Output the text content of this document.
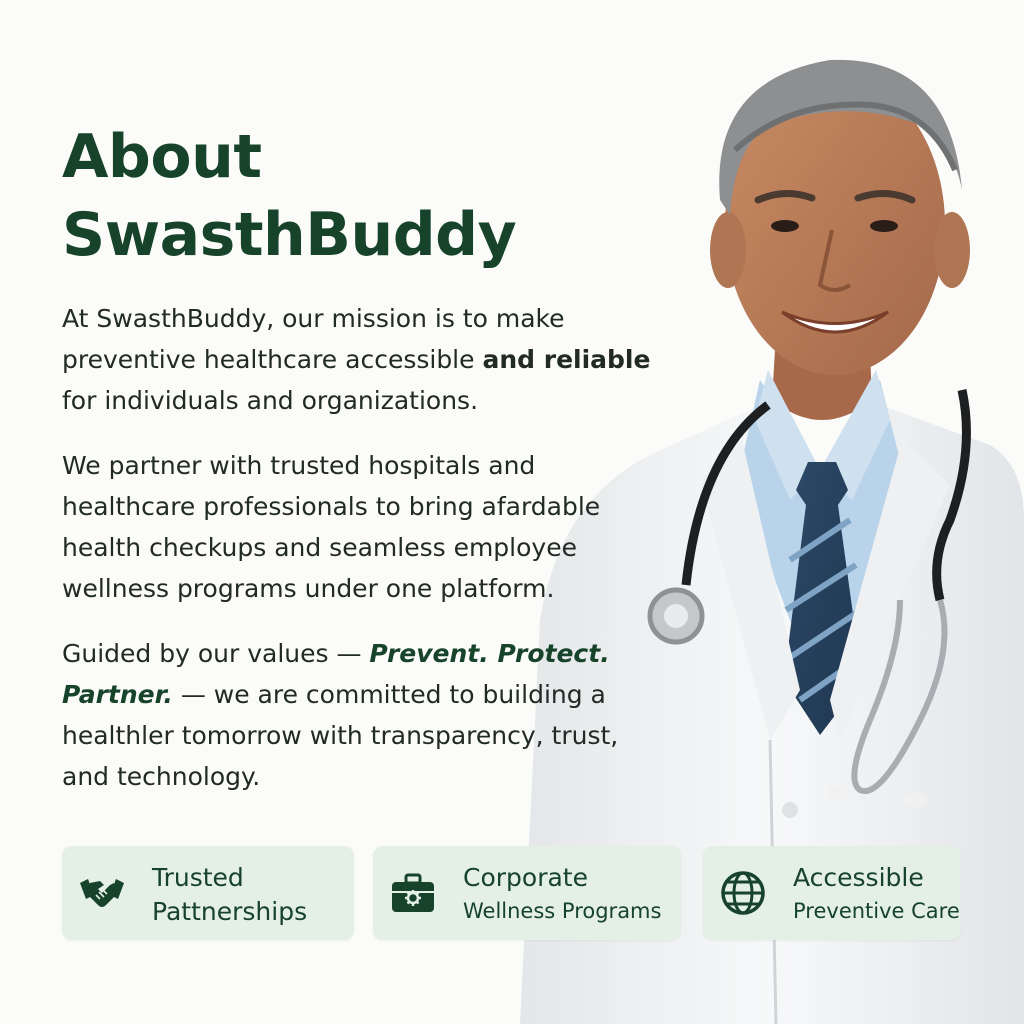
About
SwasthBuddy

At SwasthBuddy, our mission is to make preventive healthcare accessible and reliable for individuals and organizations.

We partner with trusted hospitals and healthcare professionals to bring afardable health checkups and seamless employee wellness programs under one platform.

Guided by our values — Prevent. Protect. Partner. — we are committed to building a healthler tomorrow with transparency, trust, and technology.

Trusted
Pattnerships
Corporate
Wellness Programs
Accessible
Preventive Care
